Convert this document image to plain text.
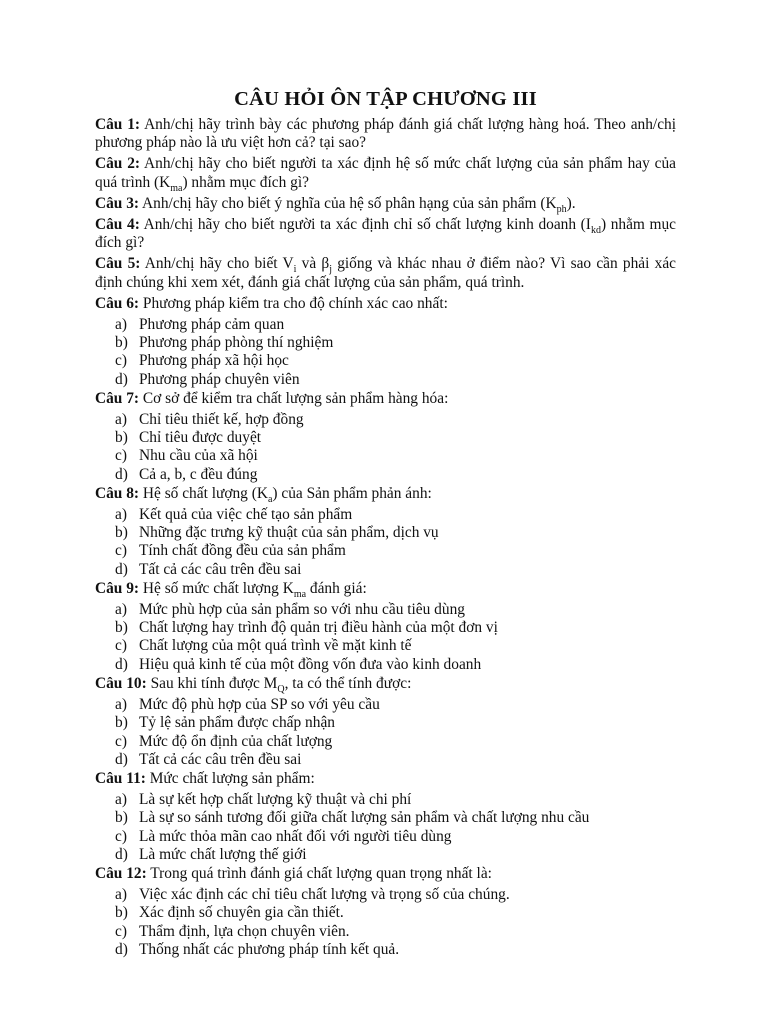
CÂU HỎI ÔN TẬP CHƯƠNG III

Câu 1: Anh/chị hãy trình bày các phương pháp đánh giá chất lượng hàng hoá. Theo anh/chị phương pháp nào là ưu việt hơn cả? tại sao?

Câu 2: Anh/chị hãy cho biết người ta xác định hệ số mức chất lượng của sản phẩm hay của quá trình $(K_{ma})$ nhằm mục đích gì?

Câu 3: Anh/chị hãy cho biết ý nghĩa của hệ số phân hạng của sản phẩm $(K_{ph})$.

Câu 4: Anh/chị hãy cho biết người ta xác định chỉ số chất lượng kinh doanh $(I_{kd})$ nhằm mục đích gì?

Câu 5: Anh/chị hãy cho biết $V_i$ và $\beta_j$ giống và khác nhau ở điểm nào? Vì sao cần phải xác định chúng khi xem xét, đánh giá chất lượng của sản phẩm, quá trình.

Câu 6: Phương pháp kiểm tra cho độ chính xác cao nhất:

a) Phương pháp cảm quan
b) Phương pháp phòng thí nghiệm
c) Phương pháp xã hội học
d) Phương pháp chuyên viên

Câu 7: Cơ sở để kiểm tra chất lượng sản phẩm hàng hóa:

a) Chỉ tiêu thiết kế, hợp đồng
b) Chỉ tiêu được duyệt
c) Nhu cầu của xã hội
d) Cả a, b, c đều đúng

Câu 8: Hệ số chất lượng $(K_a)$ của Sản phẩm phản ánh:

a) Kết quả của việc chế tạo sản phẩm
b) Những đặc trưng kỹ thuật của sản phẩm, dịch vụ
c) Tính chất đồng đều của sản phẩm
d) Tất cả các câu trên đều sai

Câu 9: Hệ số mức chất lượng $K_{ma}$ đánh giá:

a) Mức phù hợp của sản phẩm so với nhu cầu tiêu dùng
b) Chất lượng hay trình độ quản trị điều hành của một đơn vị
c) Chất lượng của một quá trình về mặt kinh tế
d) Hiệu quả kinh tế của một đồng vốn đưa vào kinh doanh

Câu 10: Sau khi tính được $M_Q$, ta có thể tính được:

a) Mức độ phù hợp của SP so với yêu cầu
b) Tỷ lệ sản phẩm được chấp nhận
c) Mức độ ổn định của chất lượng
d) Tất cả các câu trên đều sai

Câu 11: Mức chất lượng sản phẩm:

a) Là sự kết hợp chất lượng kỹ thuật và chi phí
b) Là sự so sánh tương đối giữa chất lượng sản phẩm và chất lượng nhu cầu
c) Là mức thỏa mãn cao nhất đối với người tiêu dùng
d) Là mức chất lượng thế giới

Câu 12: Trong quá trình đánh giá chất lượng quan trọng nhất là:

a) Việc xác định các chỉ tiêu chất lượng và trọng số của chúng.
b) Xác định số chuyên gia cần thiết.
c) Thẩm định, lựa chọn chuyên viên.
d) Thống nhất các phương pháp tính kết quả.
